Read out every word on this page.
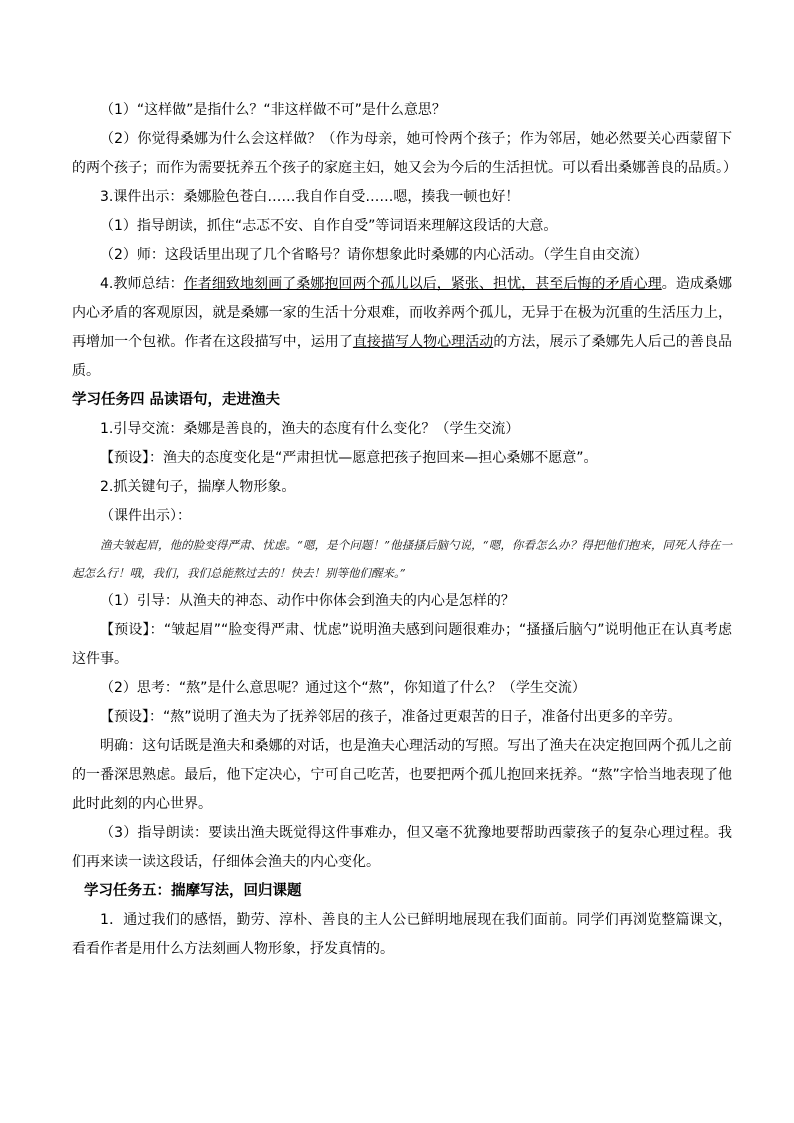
（1）“这样做”是指什么？“非这样做不可”是什么意思？

（2）你觉得桑娜为什么会这样做？（作为母亲，她可怜两个孩子；作为邻居，她必然要关心西蒙留下的两个孩子；而作为需要抚养五个孩子的家庭主妇，她又会为今后的生活担忧。可以看出桑娜善良的品质。）

3.课件出示：桑娜脸色苍白……我自作自受……嗯，揍我一顿也好！

（1）指导朗读，抓住“忐忑不安、自作自受”等词语来理解这段话的大意。

（2）师：这段话里出现了几个省略号？请你想象此时桑娜的内心活动。（学生自由交流）

4.教师总结：作者细致地刻画了桑娜抱回两个孤儿以后，紧张、担忧，甚至后悔的矛盾心理。造成桑娜内心矛盾的客观原因，就是桑娜一家的生活十分艰难，而收养两个孤儿，无异于在极为沉重的生活压力上，再增加一个包袱。作者在这段描写中，运用了直接描写人物心理活动的方法，展示了桑娜先人后己的善良品质。

学习任务四 品读语句，走进渔夫

1.引导交流：桑娜是善良的，渔夫的态度有什么变化？（学生交流）

【预设】：渔夫的态度变化是“严肃担忧—愿意把孩子抱回来—担心桑娜不愿意”。

2.抓关键句子，揣摩人物形象。

（课件出示）：

渔夫皱起眉，他的脸变得严肃、忧虑。“嗯，是个问题！”他搔搔后脑勺说，“嗯，你看怎么办？得把他们抱来，同死人待在一起怎么行！哦，我们，我们总能熬过去的！快去！别等他们醒来。”

（1）引导：从渔夫的神态、动作中你体会到渔夫的内心是怎样的？

【预设】：“皱起眉”“脸变得严肃、忧虑”说明渔夫感到问题很难办；“搔搔后脑勺”说明他正在认真考虑这件事。

（2）思考：“熬”是什么意思呢？通过这个“熬”，你知道了什么？（学生交流）

【预设】：“熬”说明了渔夫为了抚养邻居的孩子，准备过更艰苦的日子，准备付出更多的辛劳。

明确：这句话既是渔夫和桑娜的对话，也是渔夫心理活动的写照。写出了渔夫在决定抱回两个孤儿之前的一番深思熟虑。最后，他下定决心，宁可自己吃苦，也要把两个孤儿抱回来抚养。“熬”字恰当地表现了他此时此刻的内心世界。

（3）指导朗读：要读出渔夫既觉得这件事难办，但又毫不犹豫地要帮助西蒙孩子的复杂心理过程。我们再来读一读这段话，仔细体会渔夫的内心变化。

学习任务五：揣摩写法，回归课题

1．通过我们的感悟，勤劳、淳朴、善良的主人公已鲜明地展现在我们面前。同学们再浏览整篇课文，看看作者是用什么方法刻画人物形象，抒发真情的。
